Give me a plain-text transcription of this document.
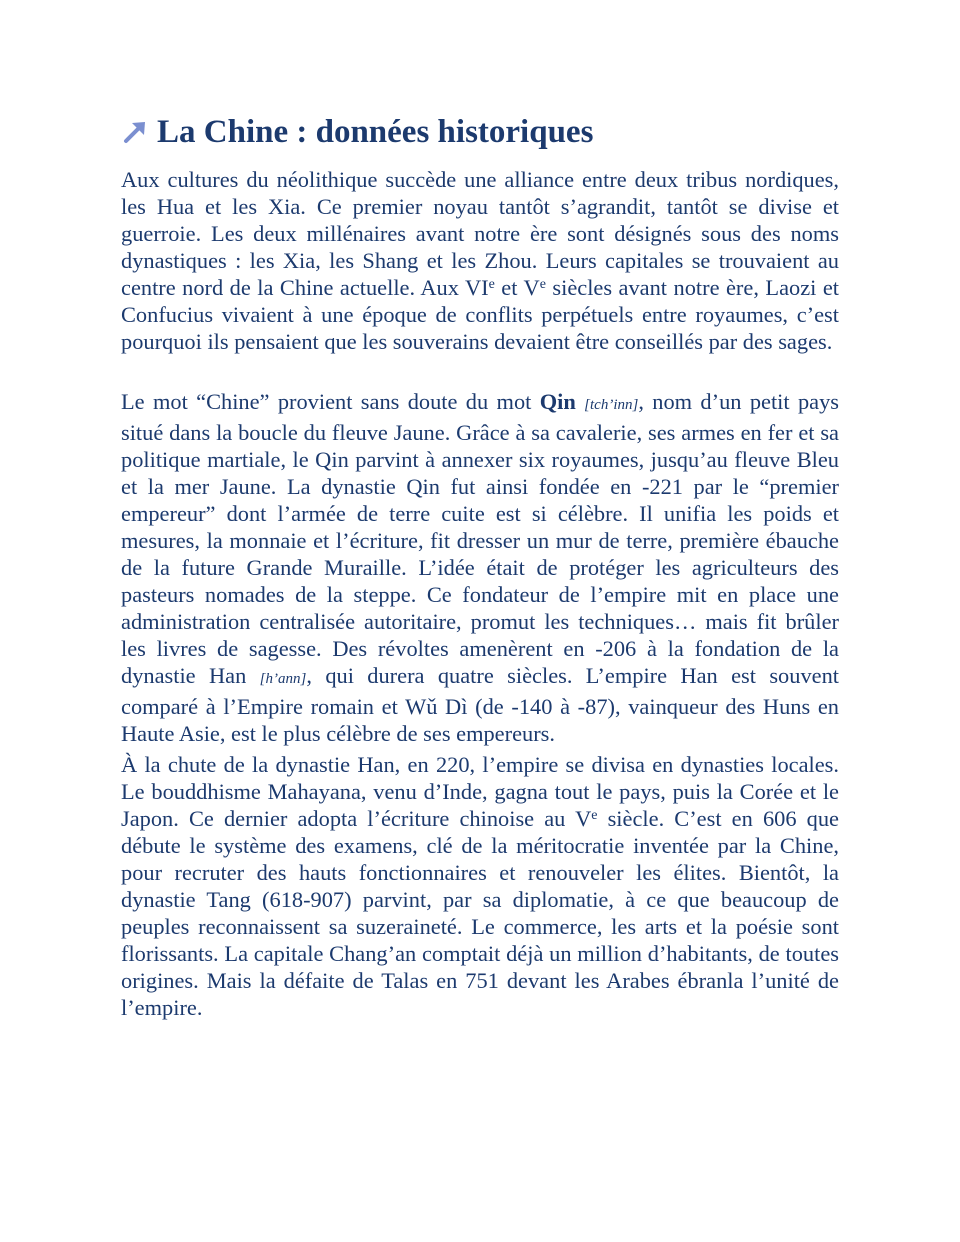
La Chine : données historiques

Aux cultures du néolithique succède une alliance entre deux tribus nordiques, les Hua et les Xia. Ce premier noyau tantôt s’agrandit, tantôt se divise et guerroie. Les deux millénaires avant notre ère sont désignés sous des noms dynastiques : les Xia, les Shang et les Zhou. Leurs capitales se trouvaient au centre nord de la Chine actuelle. Aux VIe et Ve siècles avant notre ère, Laozi et Confucius vivaient à une époque de conflits perpétuels entre royaumes, c’est pourquoi ils pensaient que les souverains devaient être conseillés par des sages.

Le mot “Chine” provient sans doute du mot Qin [tch’inn], nom d’un petit pays situé dans la boucle du fleuve Jaune. Grâce à sa cavalerie, ses armes en fer et sa politique martiale, le Qin parvint à annexer six royaumes, jusqu’au fleuve Bleu et la mer Jaune. La dynastie Qin fut ainsi fondée en -221 par le “premier empereur” dont l’armée de terre cuite est si célèbre. Il unifia les poids et mesures, la monnaie et l’écriture, fit dresser un mur de terre, première ébauche de la future Grande Muraille. L’idée était de protéger les agriculteurs des pasteurs nomades de la steppe. Ce fondateur de l’empire mit en place une administration centralisée autoritaire, promut les techniques… mais fit brûler les livres de sagesse. Des révoltes amenèrent en -206 à la fondation de la dynastie Han [h’ann], qui durera quatre siècles. L’empire Han est souvent comparé à l’Empire romain et Wǔ Dì (de -140 à -87), vainqueur des Huns en Haute Asie, est le plus célèbre de ses empereurs.

À la chute de la dynastie Han, en 220, l’empire se divisa en dynasties locales. Le bouddhisme Mahayana, venu d’Inde, gagna tout le pays, puis la Corée et le Japon. Ce dernier adopta l’écriture chinoise au Ve siècle. C’est en 606 que débute le système des examens, clé de la méritocratie inventée par la Chine, pour recruter des hauts fonctionnaires et renouveler les élites. Bientôt, la dynastie Tang (618-907) parvint, par sa diplomatie, à ce que beaucoup de peuples reconnaissent sa suzeraineté. Le commerce, les arts et la poésie sont florissants. La capitale Chang’an comptait déjà un million d’habitants, de toutes origines. Mais la défaite de Talas en 751 devant les Arabes ébranla l’unité de l’empire.
